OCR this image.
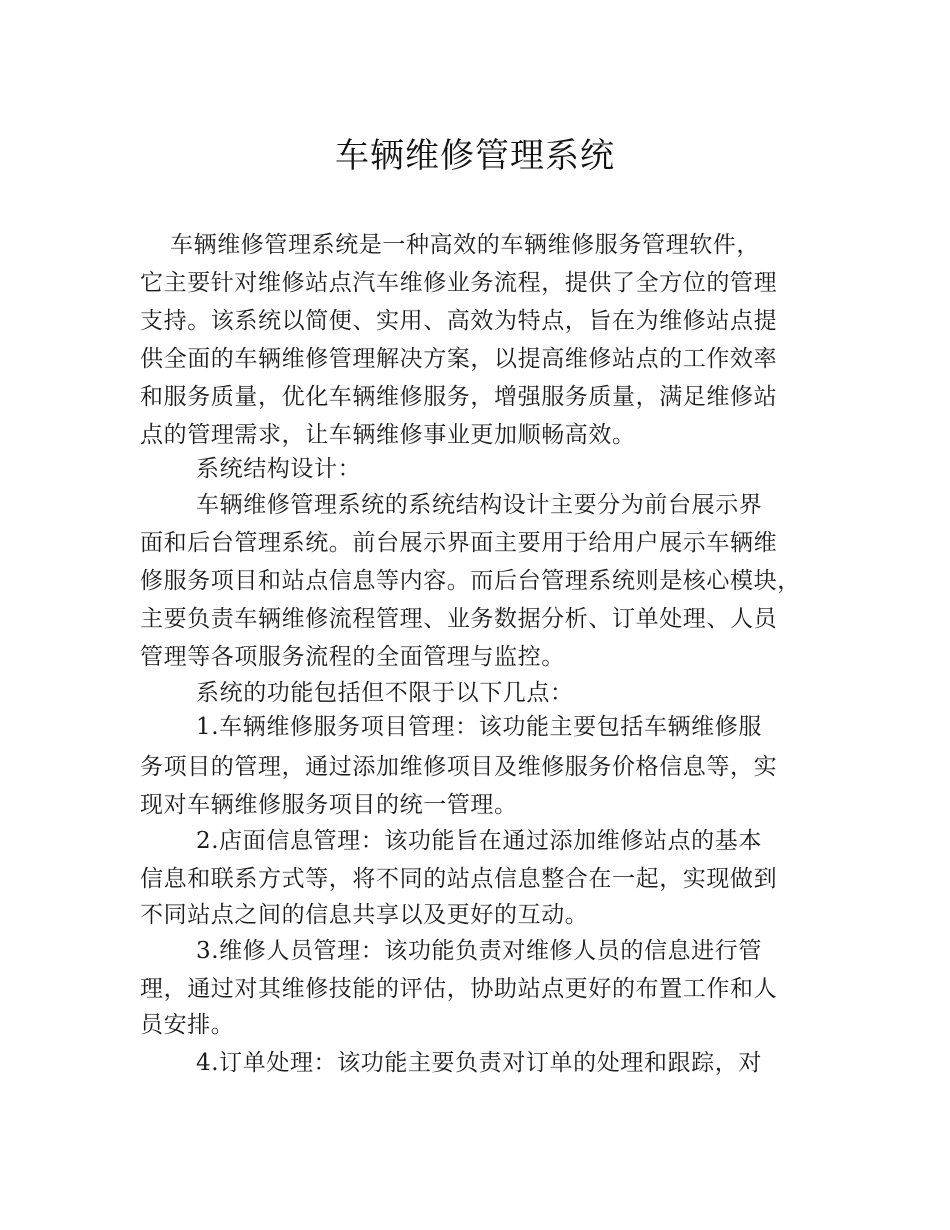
车辆维修管理系统
车辆维修管理系统是一种高效的车辆维修服务管理软件，
它主要针对维修站点汽车维修业务流程，提供了全方位的管理
支持。该系统以简便、实用、高效为特点，旨在为维修站点提
供全面的车辆维修管理解决方案，以提高维修站点的工作效率
和服务质量，优化车辆维修服务，增强服务质量，满足维修站
点的管理需求，让车辆维修事业更加顺畅高效。
系统结构设计：
车辆维修管理系统的系统结构设计主要分为前台展示界
面和后台管理系统。前台展示界面主要用于给用户展示车辆维
修服务项目和站点信息等内容。而后台管理系统则是核心模块，
主要负责车辆维修流程管理、业务数据分析、订单处理、人员
管理等各项服务流程的全面管理与监控。
系统的功能包括但不限于以下几点：
1.车辆维修服务项目管理：该功能主要包括车辆维修服
务项目的管理，通过添加维修项目及维修服务价格信息等，实
现对车辆维修服务项目的统一管理。
2.店面信息管理：该功能旨在通过添加维修站点的基本
信息和联系方式等，将不同的站点信息整合在一起，实现做到
不同站点之间的信息共享以及更好的互动。
3.维修人员管理：该功能负责对维修人员的信息进行管
理，通过对其维修技能的评估，协助站点更好的布置工作和人
员安排。
4.订单处理：该功能主要负责对订单的处理和跟踪，对
